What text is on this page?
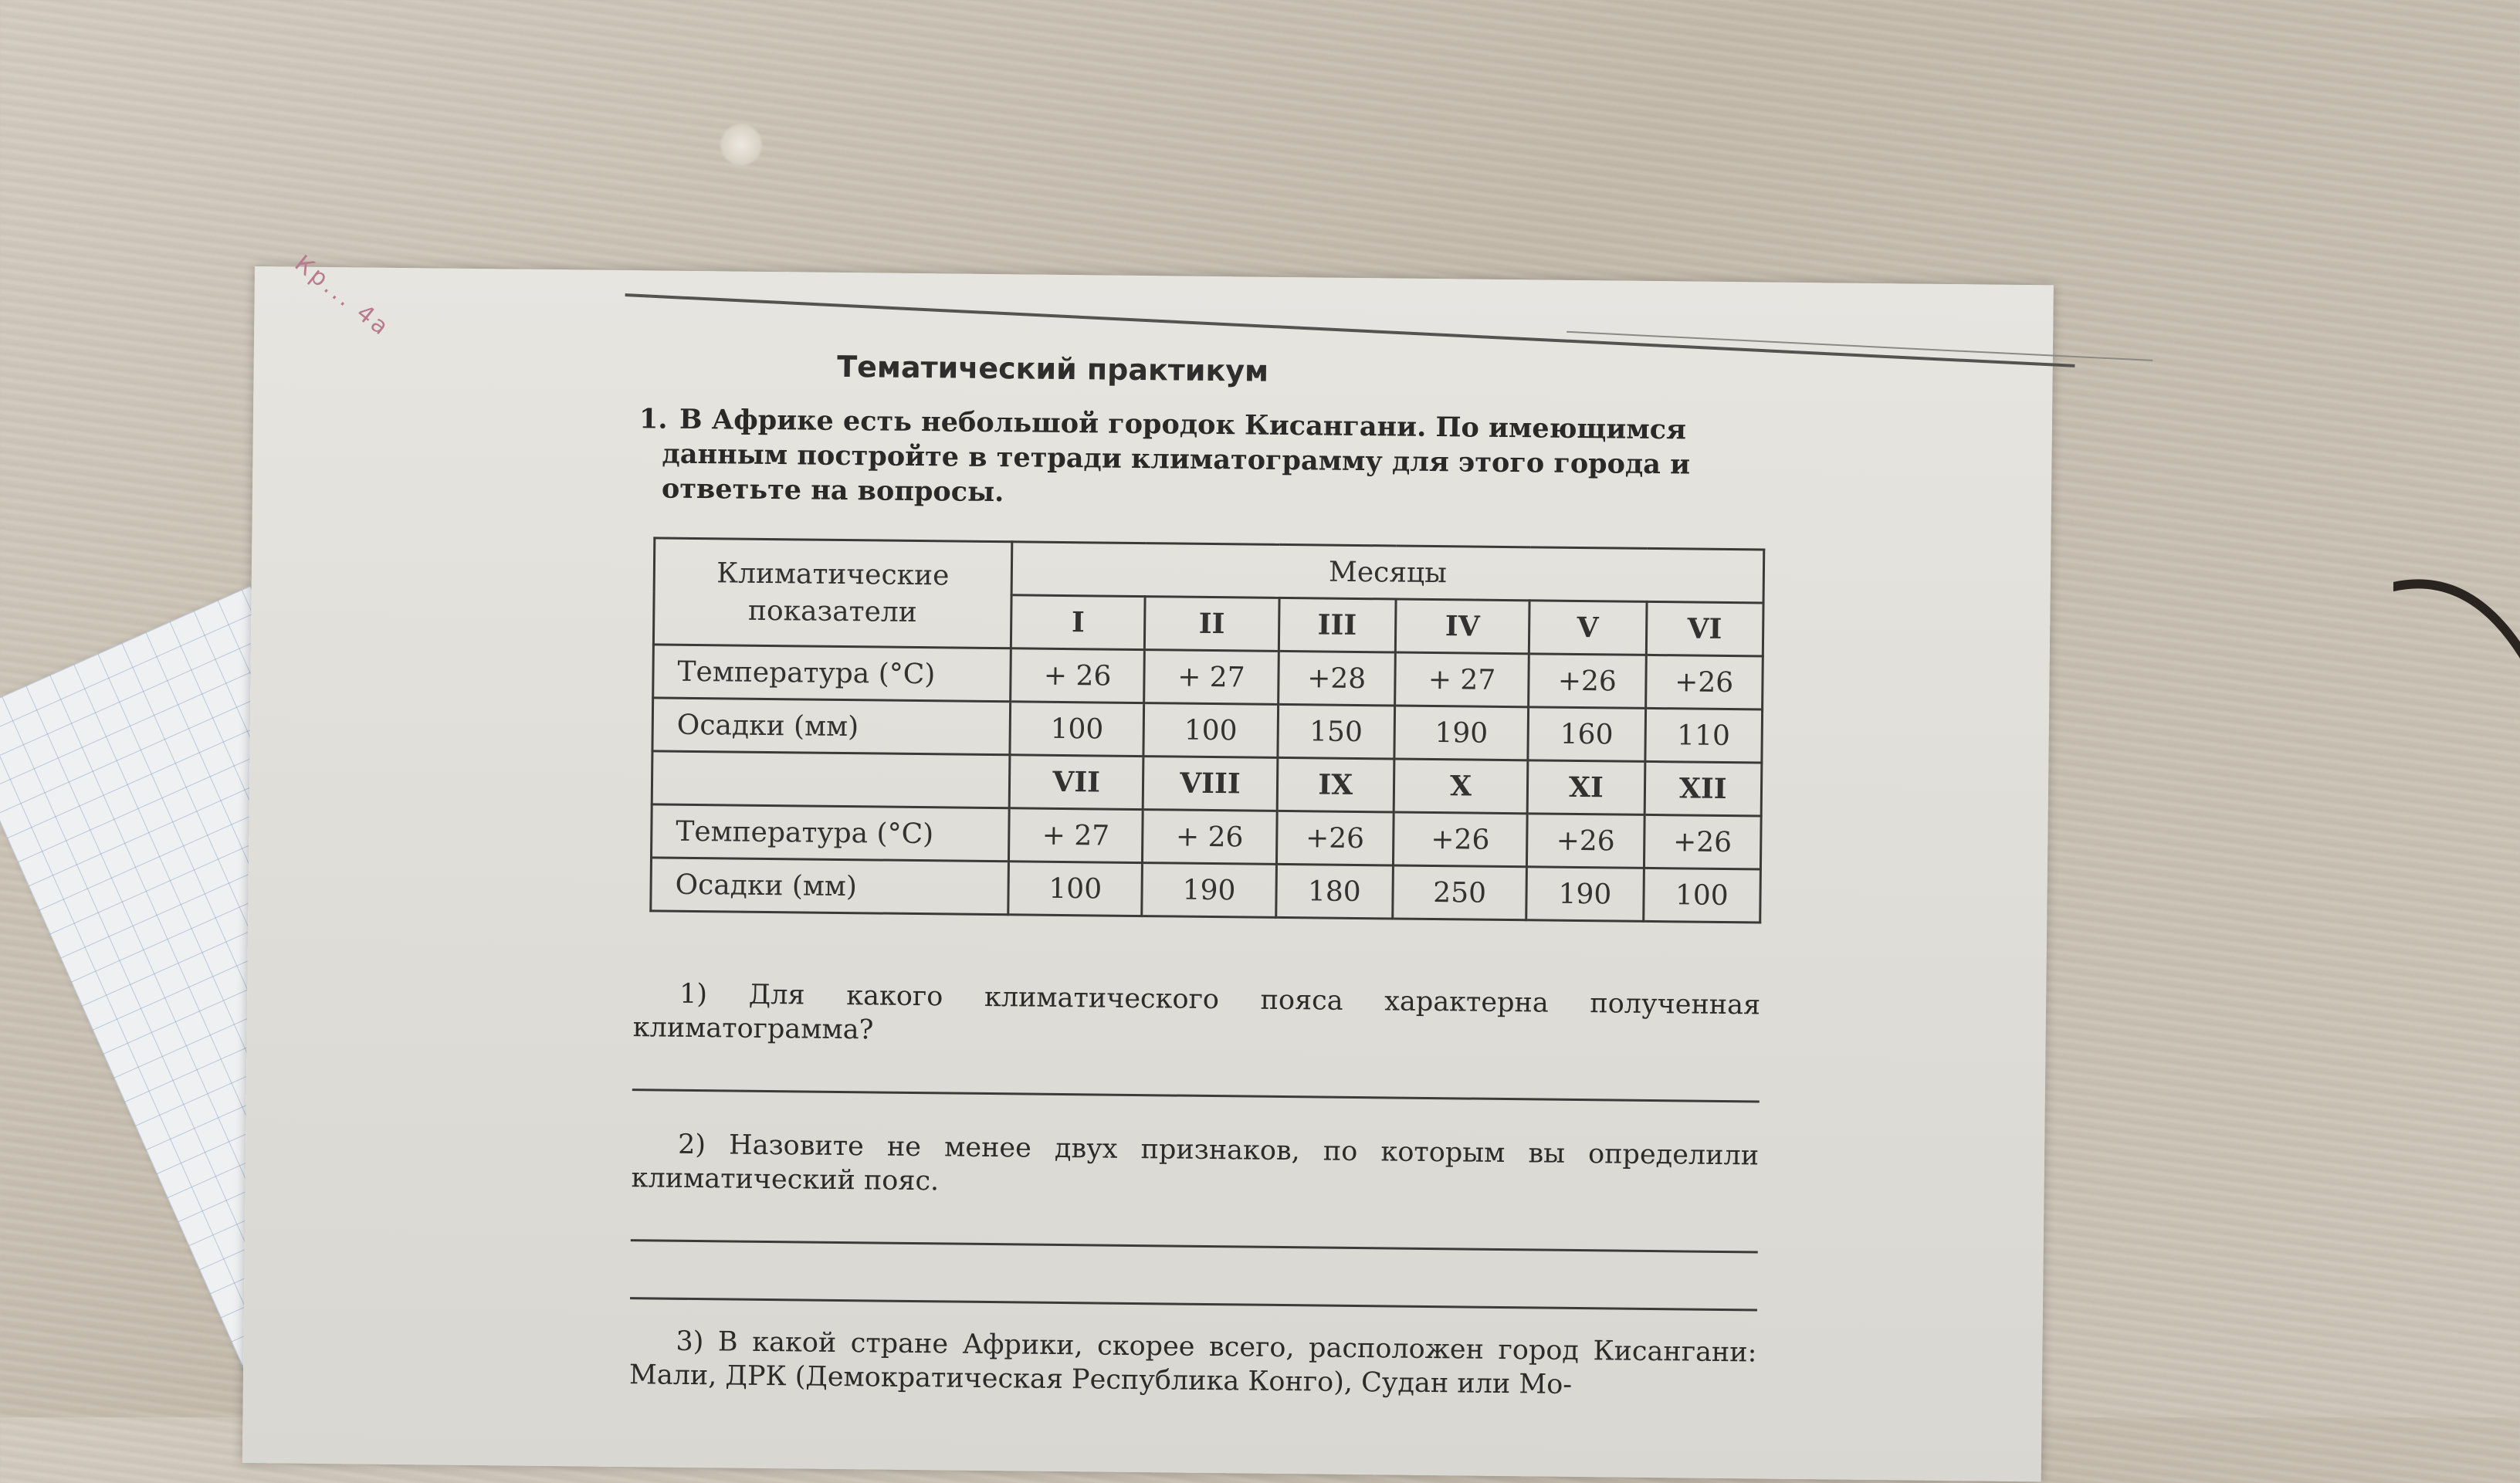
Кр... 4а
Тематический практикум
1. В Африке есть небольшой городок Кисангани. По имеющимся данным постройте в тетради климатограмму для этого города и ответьте на вопросы.
Климатические показатели	Месяцы					
	I	II	III	IV	V	VI
Температура (°C)	+ 26	+ 27	+28	+ 27	+26	+26
Осадки (мм)	100	100	150	190	160	110
	VII	VIII	IX	X	XI	XII
Температура (°C)	+ 27	+ 26	+26	+26	+26	+26
Осадки (мм)	100	190	180	250	190	100
1) Для какого климатического пояса характерна полученная климатограмма?
2) Назовите не менее двух признаков, по которым вы определили климатический пояс.
3) В какой стране Африки, скорее всего, расположен город Кисангани: Мали, ДРК (Демократическая Республика Конго), Судан или Мо-
